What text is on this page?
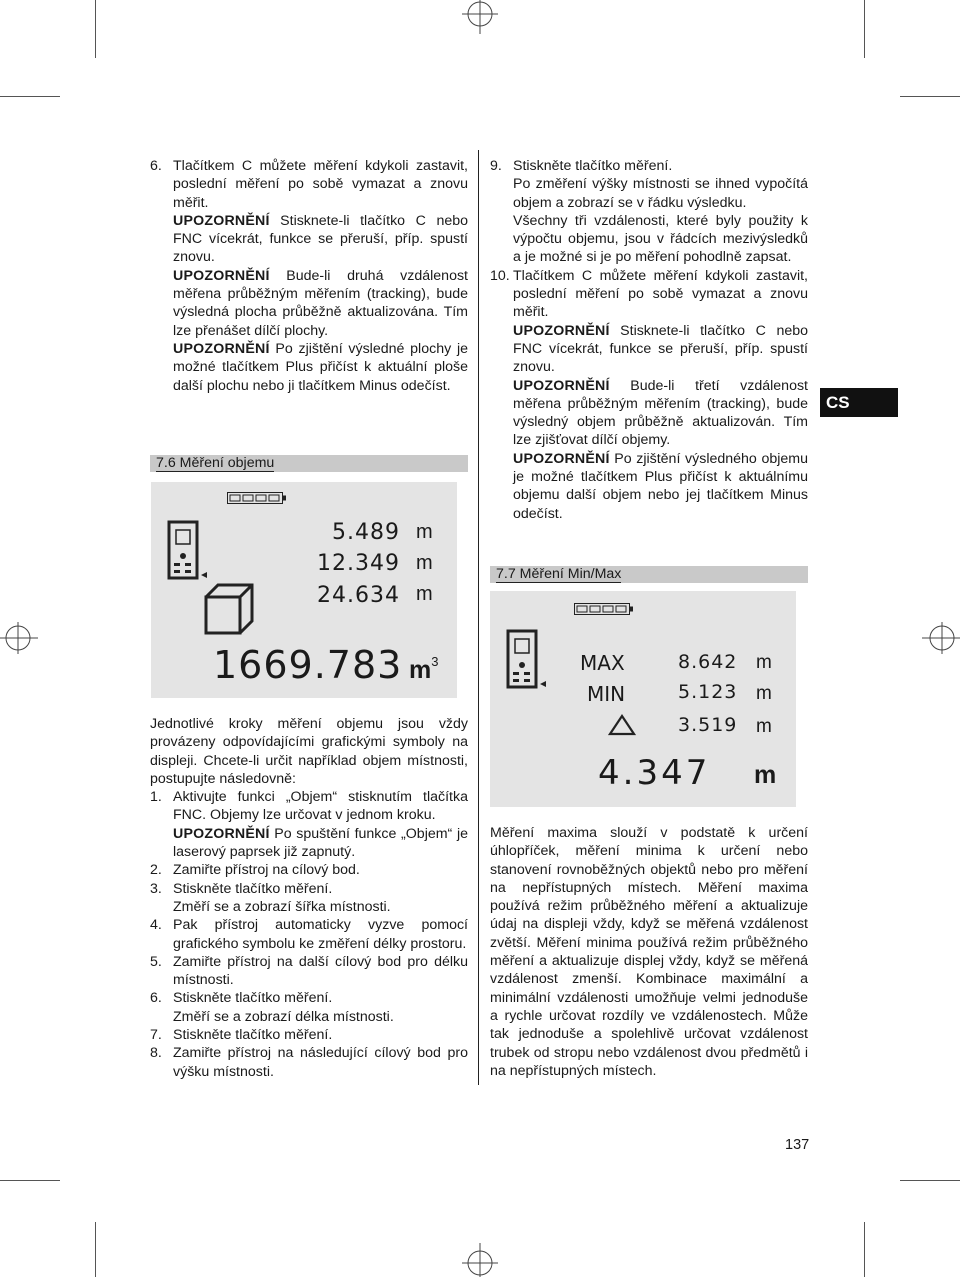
CS
6. Tlačítkem C můžete měření kdykoli zastavit, poslední měření po sobě vymazat a znovu měřit.

UPOZORNĚNÍ Stisknete-li tlačítko C nebo FNC vícekrát, funkce se přeruší, příp. spustí znovu.

UPOZORNĚNÍ Bude-li druhá vzdálenost měřena průběžným měřením (tracking), bude výsledná plocha průběžně aktualizována. Tím lze přenášet dílčí plochy.

UPOZORNĚNÍ Po zjištění výsledné plochy je možné tlačítkem Plus přičíst k aktuální ploše další plochu nebo ji tlačítkem Minus odečíst.

7.6 Měření objemu
5.489 m
12.349 m
24.634 m
1669.783 $m^3$

Jednotlivé kroky měření objemu jsou vždy provázeny odpovídajícími grafickými symboly na displeji. Chcete-li určit například objem místnosti, postupujte následovně:

1. Aktivujte funkci „Objem“ stisknutím tlačítka FNC. Objemy lze určovat v jednom kroku.

UPOZORNĚNÍ Po spuštění funkce „Objem“ je laserový paprsek již zapnutý.

2. Zamiřte přístroj na cílový bod.

3. Stiskněte tlačítko měření.

Změří se a zobrazí šířka místnosti.

4. Pak přístroj automaticky vyzve pomocí grafického symbolu ke změření délky prostoru.

5. Zamiřte přístroj na další cílový bod pro délku místnosti.

6. Stiskněte tlačítko měření.

Změří se a zobrazí délka místnosti.

7. Stiskněte tlačítko měření.

8. Zamiřte přístroj na následující cílový bod pro výšku místnosti.

9. Stiskněte tlačítko měření.

Po změření výšky místnosti se ihned vypočítá objem a zobrazí se v řádku výsledku.

Všechny tři vzdálenosti, které byly použity k výpočtu objemu, jsou v řádcích mezivýsledků a je možné si je po měření pohodlně zapsat.

10. Tlačítkem C můžete měření kdykoli zastavit, poslední měření po sobě vymazat a znovu měřit.

UPOZORNĚNÍ Stisknete-li tlačítko C nebo FNC vícekrát, funkce se přeruší, příp. spustí znovu.

UPOZORNĚNÍ Bude-li třetí vzdálenost měřena průběžným měřením (tracking), bude výsledný objem průběžně aktualizován. Tím lze zjišťovat dílčí objemy.

UPOZORNĚNÍ Po zjištění výsledného objemu je možné tlačítkem Plus přičíst k aktuálnímu objemu další objem nebo jej tlačítkem Minus odečíst.

7.7 Měření Min/Max
MAX	8.642 m
MIN	5.123 m
3.519 m
4.347 m

Měření maxima slouží v podstatě k určení úhlopříček, měření minima k určení nebo stanovení rovnoběžných objektů nebo pro měření na nepřístupných místech. Měření maxima používá režim průběžného měření a aktualizuje údaj na displeji vždy, když se měřená vzdálenost zvětší. Měření minima používá režim průběžného měření a aktualizuje displej vždy, když se měřená vzdálenost zmenší. Kombinace maximální a minimální vzdálenosti umožňuje velmi jednoduše a rychle určovat rozdíly ve vzdálenostech. Může tak jednoduše a spolehlivě určovat vzdálenost trubek od stropu nebo vzdálenost dvou předmětů i na nepřístupných místech.

137
